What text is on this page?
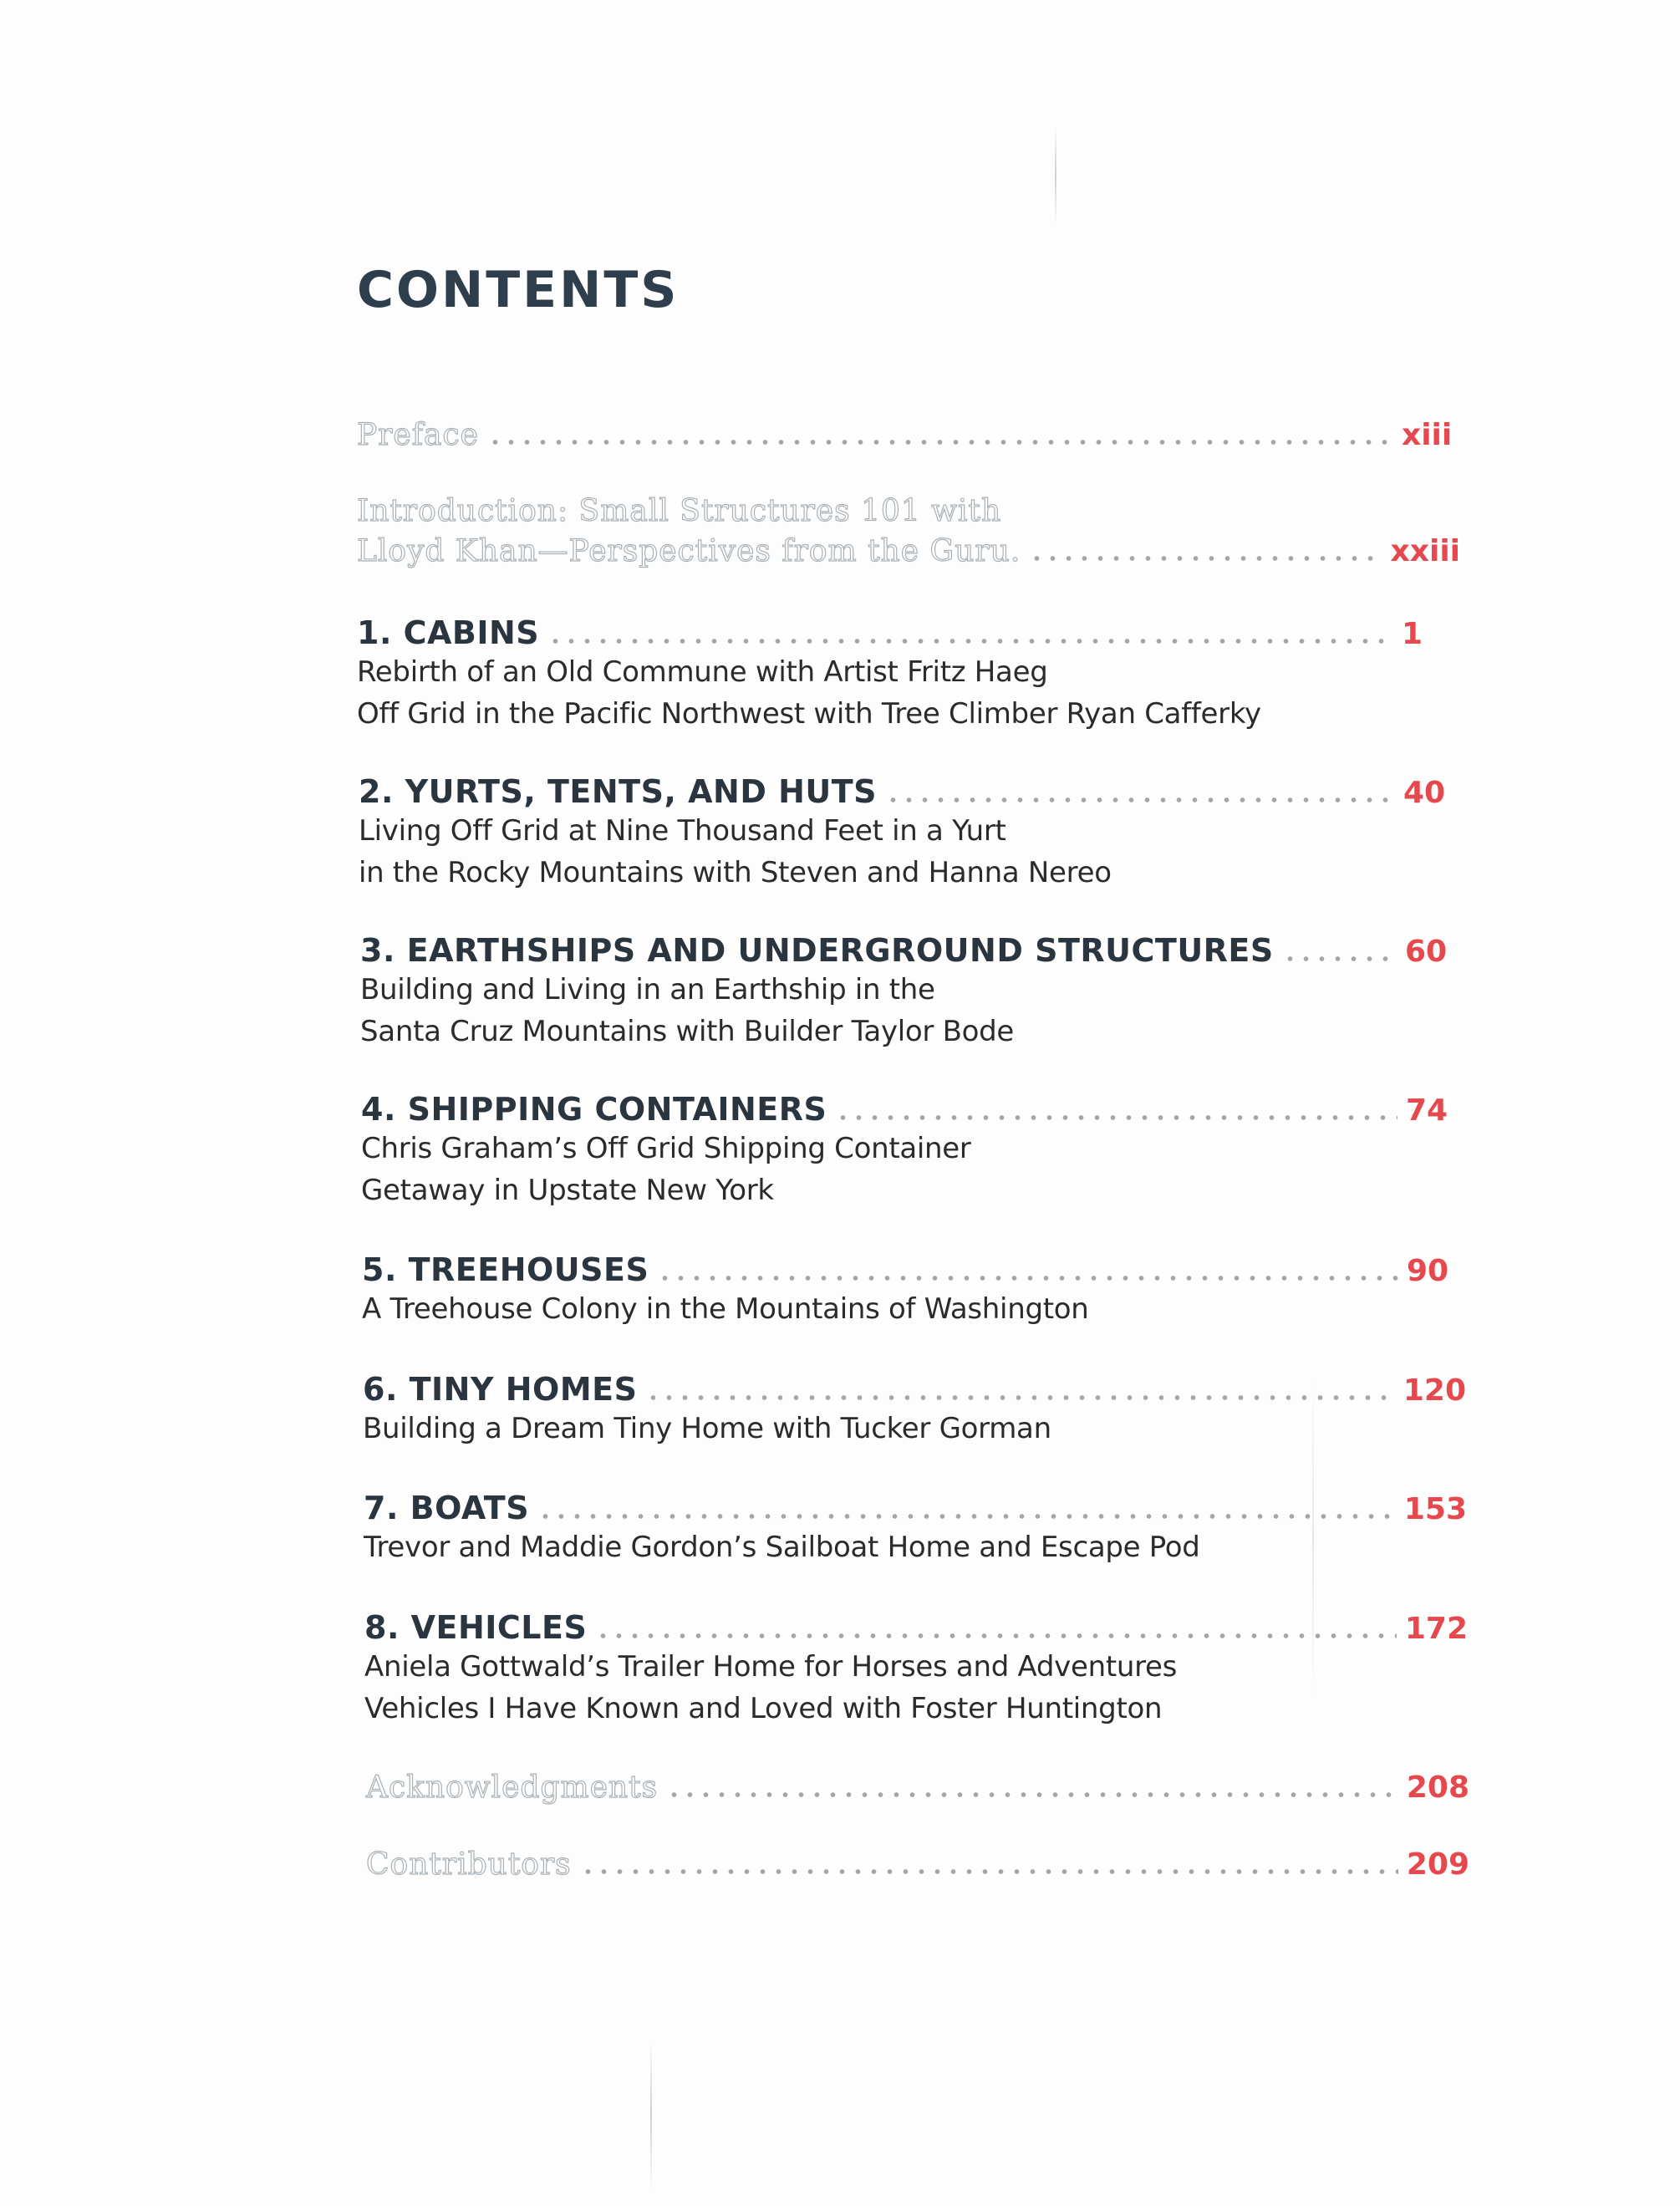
CONTENTS
Preface	xiii
Introduction: Small Structures 101 with
Lloyd Khan—Perspectives from the Guru.	xxiii
1. CABINS	1
Rebirth of an Old Commune with Artist Fritz Haeg
Off Grid in the Pacific Northwest with Tree Climber Ryan Cafferky
2. YURTS, TENTS, AND HUTS	40
Living Off Grid at Nine Thousand Feet in a Yurt
in the Rocky Mountains with Steven and Hanna Nereo
3. EARTHSHIPS AND UNDERGROUND STRUCTURES	60
Building and Living in an Earthship in the
Santa Cruz Mountains with Builder Taylor Bode
4. SHIPPING CONTAINERS	74
Chris Graham’s Off Grid Shipping Container
Getaway in Upstate New York
5. TREEHOUSES	90
A Treehouse Colony in the Mountains of Washington
6. TINY HOMES	120
Building a Dream Tiny Home with Tucker Gorman
7. BOATS	153
Trevor and Maddie Gordon’s Sailboat Home and Escape Pod
8. VEHICLES	172
Aniela Gottwald’s Trailer Home for Horses and Adventures
Vehicles I Have Known and Loved with Foster Huntington
Acknowledgments	208
Contributors	209
